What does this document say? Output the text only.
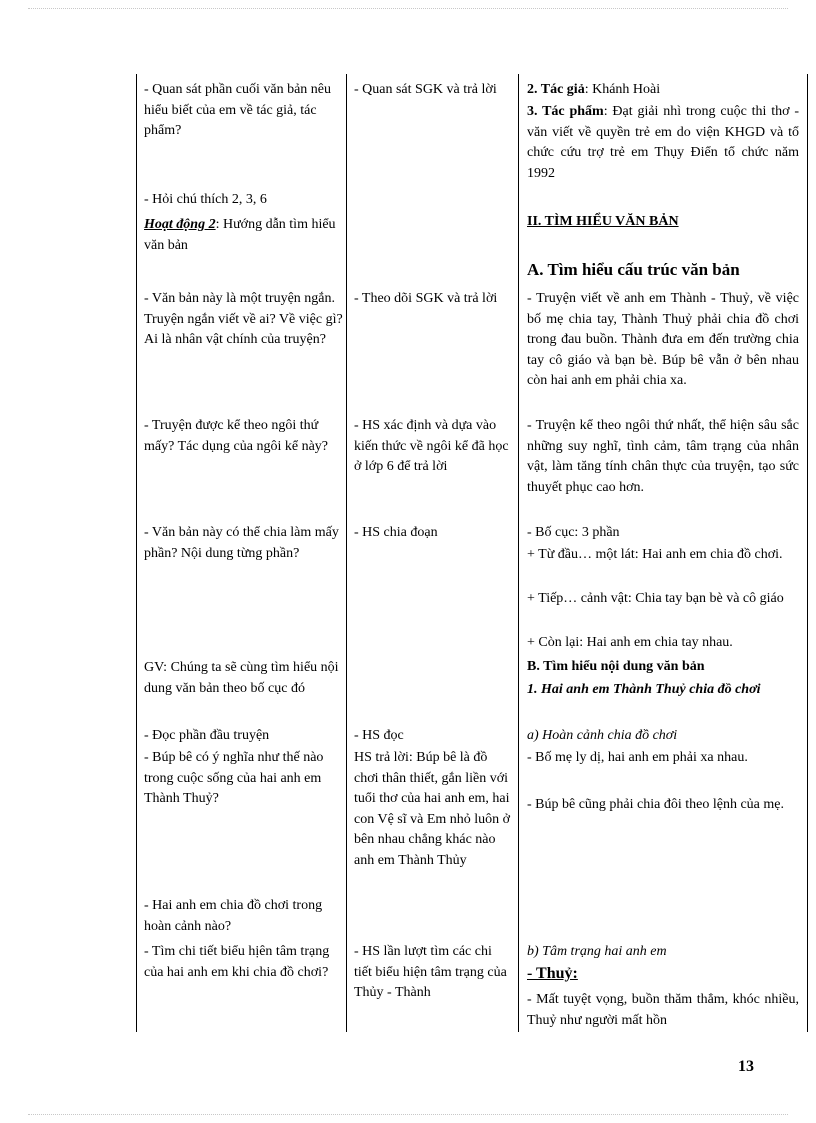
- Quan sát phần cuối văn bản nêu hiểu biết của em về tác giả, tác phẩm?
- Hỏi chú thích 2, 3, 6
Hoạt động 2: Hướng dẫn tìm hiểu văn bản
- Văn bản này là một truyện ngắn. Truyện ngắn viết về ai? Về việc gì? Ai là nhân vật chính của truyện?
- Truyện được kể theo ngôi thứ mấy? Tác dụng của ngôi kể này?
- Văn bản này có thể chia làm mấy phần? Nội dung từng phần?
GV: Chúng ta sẽ cùng tìm hiểu nội dung văn bản theo bố cục đó
- Đọc phần đầu truyện
- Búp bê có ý nghĩa như thế nào trong cuộc sống của hai anh em Thành Thuỷ?
- Hai anh em chia đồ chơi trong hoàn cảnh nào?
- Tìm chi tiết biểu hịên tâm trạng của hai anh em khi chia đồ chơi?
- Quan sát SGK và trả lời
- Theo dõi SGK và trả lời
- HS xác định và dựa vào kiến thức về ngôi kể đã học ở lớp 6 để trả lời
- HS chia đoạn
- HS đọc
HS trả lời: Búp bê là đồ chơi thân thiết, gắn liền với tuổi thơ của hai anh em, hai con Vệ sĩ và Em nhỏ luôn ở bên nhau chẳng khác nào anh em Thành Thủy
- HS lần lượt tìm các chi tiết biểu hiện tâm trạng của Thủy - Thành
2. Tác giả: Khánh Hoài
3. Tác phẩm: Đạt giải nhì trong cuộc thi thơ - văn viết về quyền trẻ em do viện KHGD và tổ chức cứu trợ trẻ em Thụy Điển tổ chức năm 1992
II. TÌM HIỂU VĂN BẢN
A. Tìm hiểu cấu trúc văn bản
- Truyện viết về anh em Thành - Thuỷ, về việc bố mẹ chia tay, Thành Thuỷ phải chia đồ chơi trong đau buồn. Thành đưa em đến trường chia tay cô giáo và bạn bè. Búp bê vẫn ở bên nhau còn hai anh em phải chia xa.
- Truyện kể theo ngôi thứ nhất, thể hiện sâu sắc những suy nghĩ, tình cảm, tâm trạng của nhân vật, làm tăng tính chân thực của truyện, tạo sức thuyết phục cao hơn.
- Bố cục: 3 phần
+ Từ đầu… một lát: Hai anh em chia đồ chơi.
+ Tiếp… cảnh vật: Chia tay bạn bè và cô giáo
+ Còn lại: Hai anh em chia tay nhau.
B. Tìm hiểu nội dung văn bản
1. Hai anh em Thành Thuỷ chia đồ chơi
a) Hoàn cảnh chia đồ chơi
- Bố mẹ ly dị, hai anh em phải xa nhau.
- Búp bê cũng phải chia đôi theo lệnh của mẹ.
b) Tâm trạng hai anh em
- Thuỷ:
- Mất tuyệt vọng, buồn thăm thẳm, khóc nhiều, Thuỷ như người mất hồn
13
